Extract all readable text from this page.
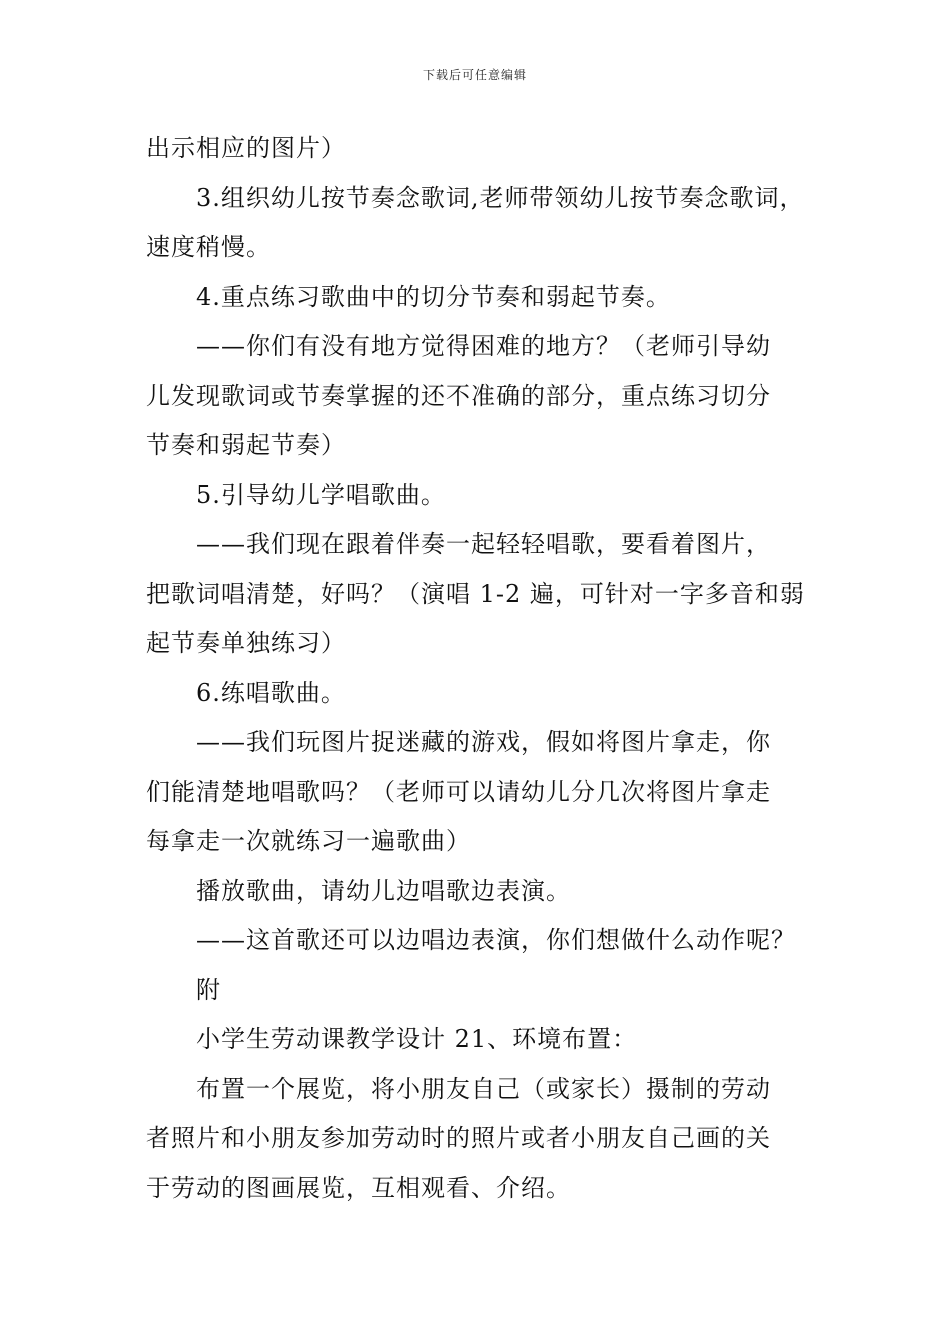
下载后可任意编辑
出示相应的图片）
3.组织幼儿按节奏念歌词,老师带领幼儿按节奏念歌词，
速度稍慢。
4.重点练习歌曲中的切分节奏和弱起节奏。
——你们有没有地方觉得困难的地方？（老师引导幼
儿发现歌词或节奏掌握的还不准确的部分，重点练习切分
节奏和弱起节奏）
5.引导幼儿学唱歌曲。
——我们现在跟着伴奏一起轻轻唱歌，要看着图片，
把歌词唱清楚，好吗？（演唱 1-2 遍，可针对一字多音和弱
起节奏单独练习）
6.练唱歌曲。
——我们玩图片捉迷藏的游戏，假如将图片拿走，你
们能清楚地唱歌吗？（老师可以请幼儿分几次将图片拿走
每拿走一次就练习一遍歌曲）
播放歌曲，请幼儿边唱歌边表演。
——这首歌还可以边唱边表演，你们想做什么动作呢？
附
小学生劳动课教学设计 21、环境布置：
布置一个展览，将小朋友自己（或家长）摄制的劳动
者照片和小朋友参加劳动时的照片或者小朋友自己画的关
于劳动的图画展览，互相观看、介绍。
